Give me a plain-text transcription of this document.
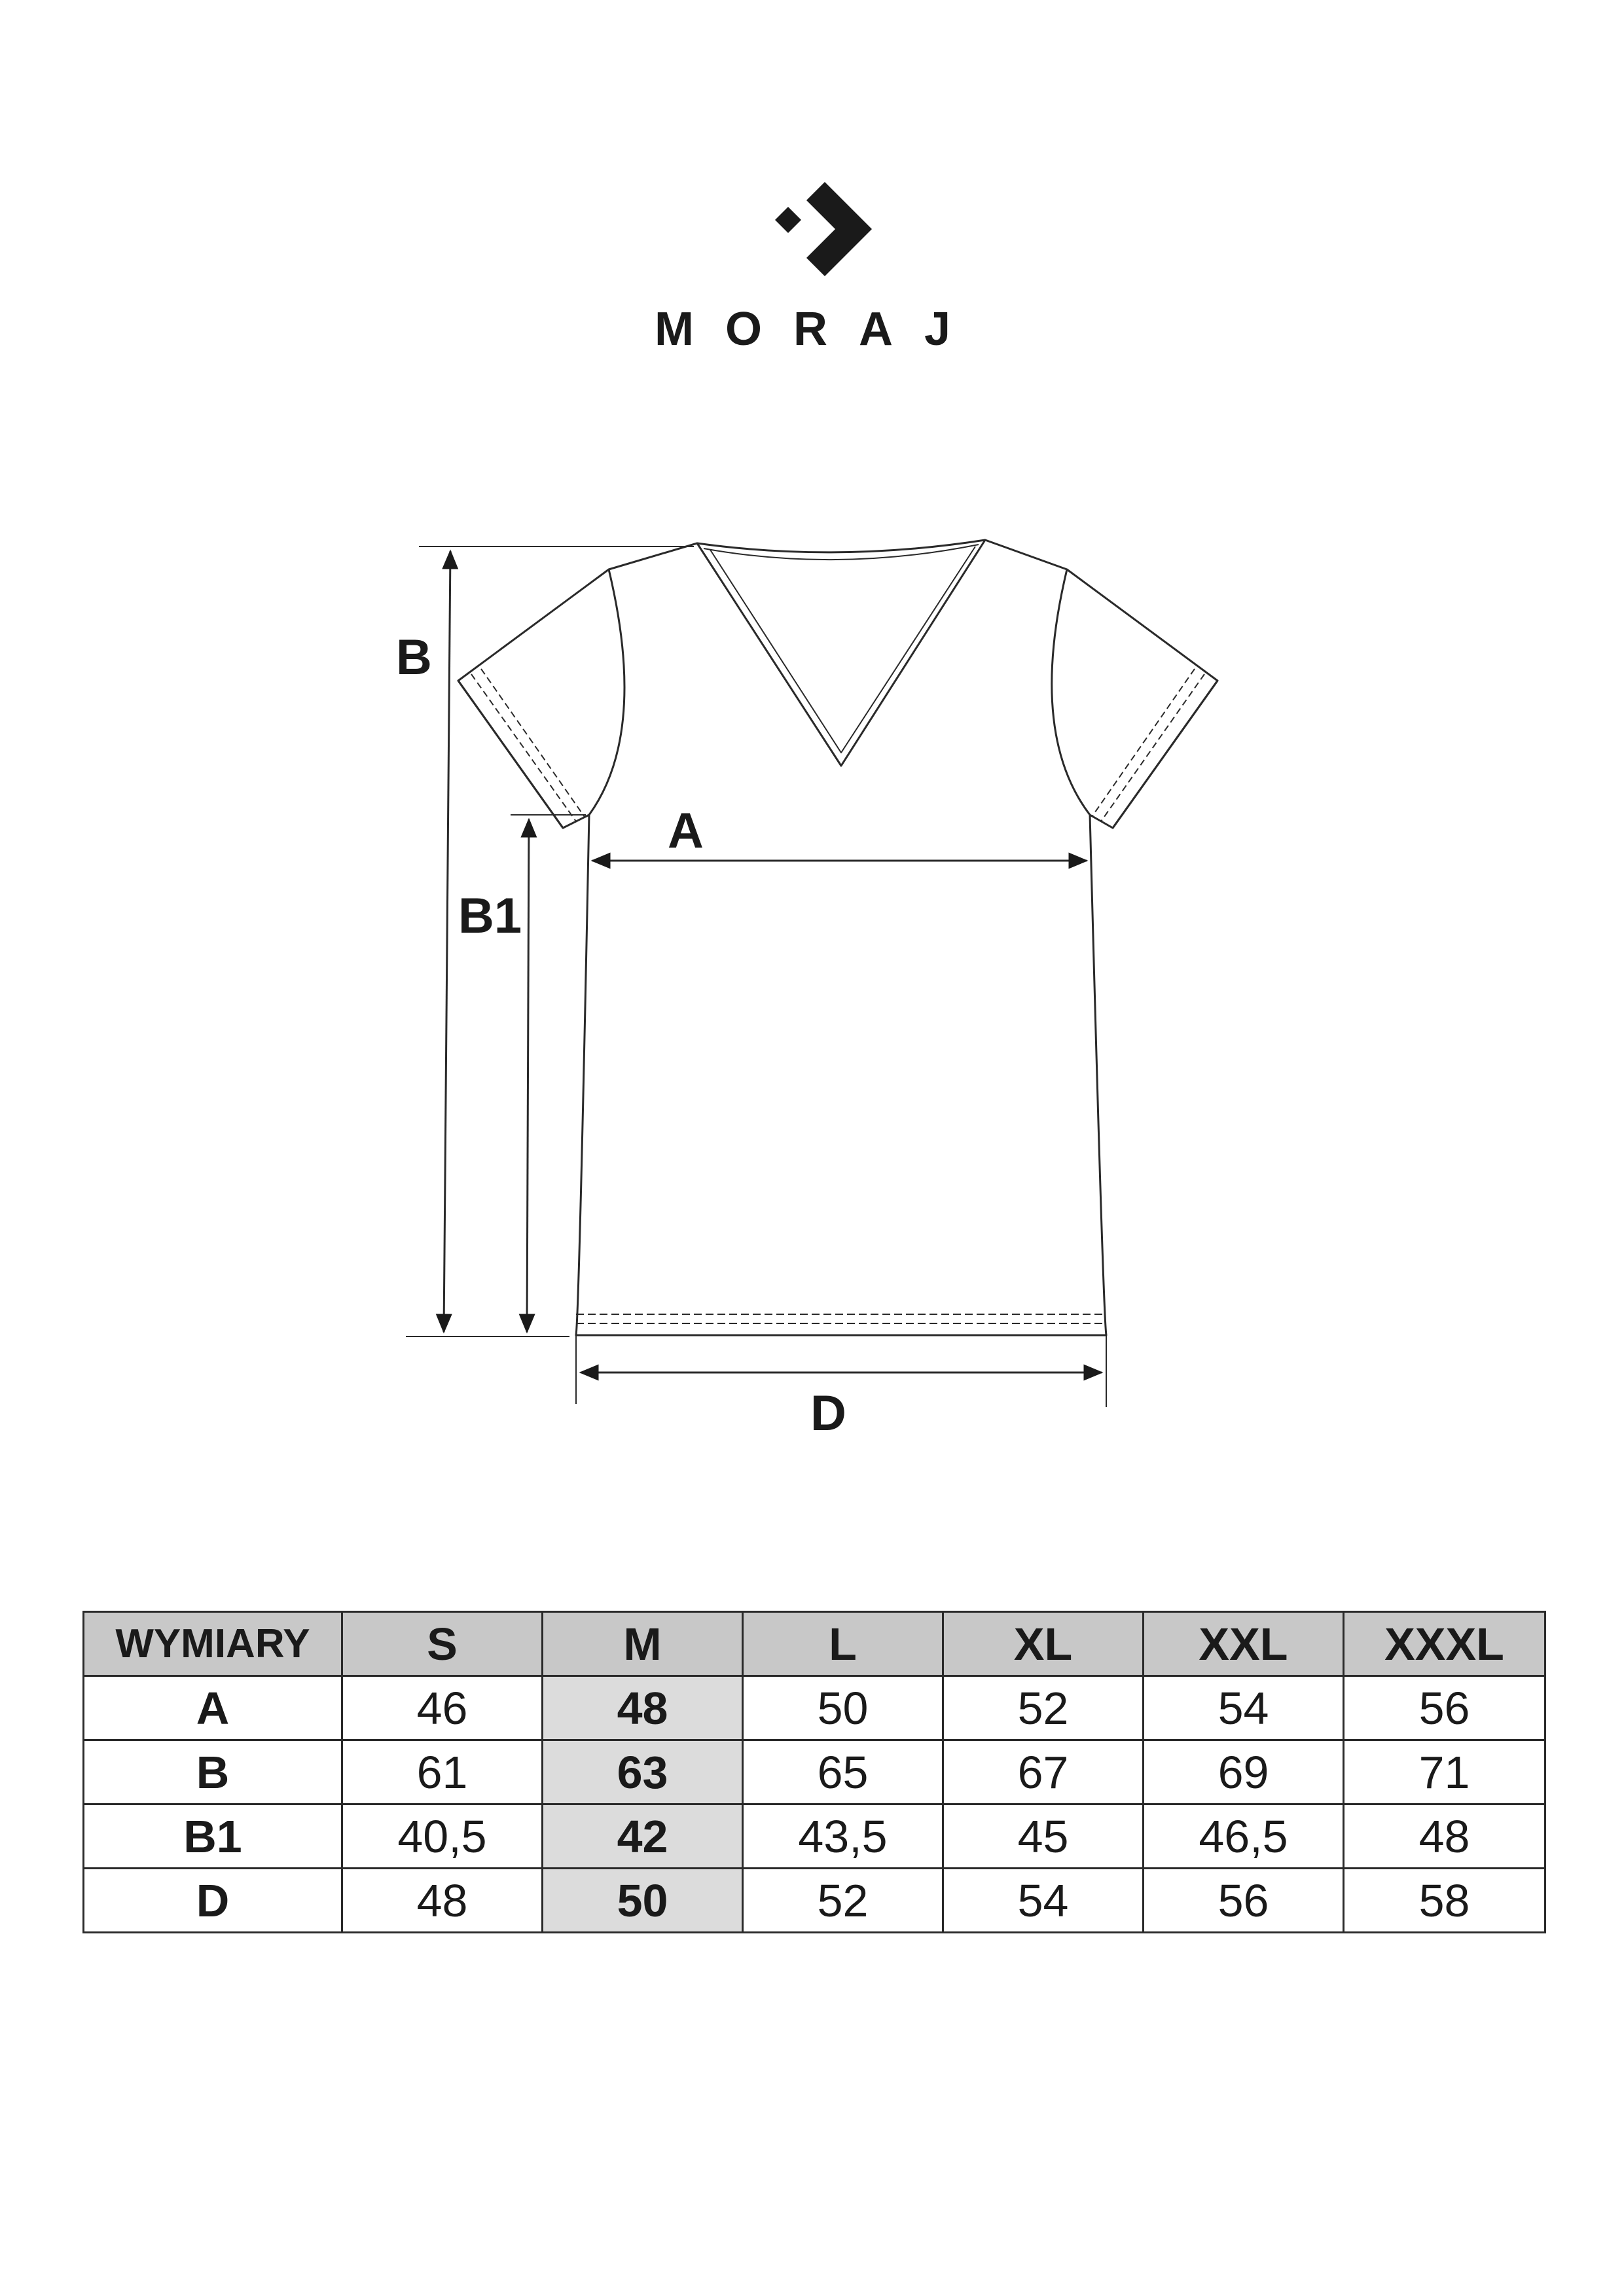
MORAJ
B
B1
A
D
WYMIARY	S	M	L	XL	XXL	XXXL
A	46	48	50	52	54	56
B	61	63	65	67	69	71
B1	40,5	42	43,5	45	46,5	48
D	48	50	52	54	56	58
